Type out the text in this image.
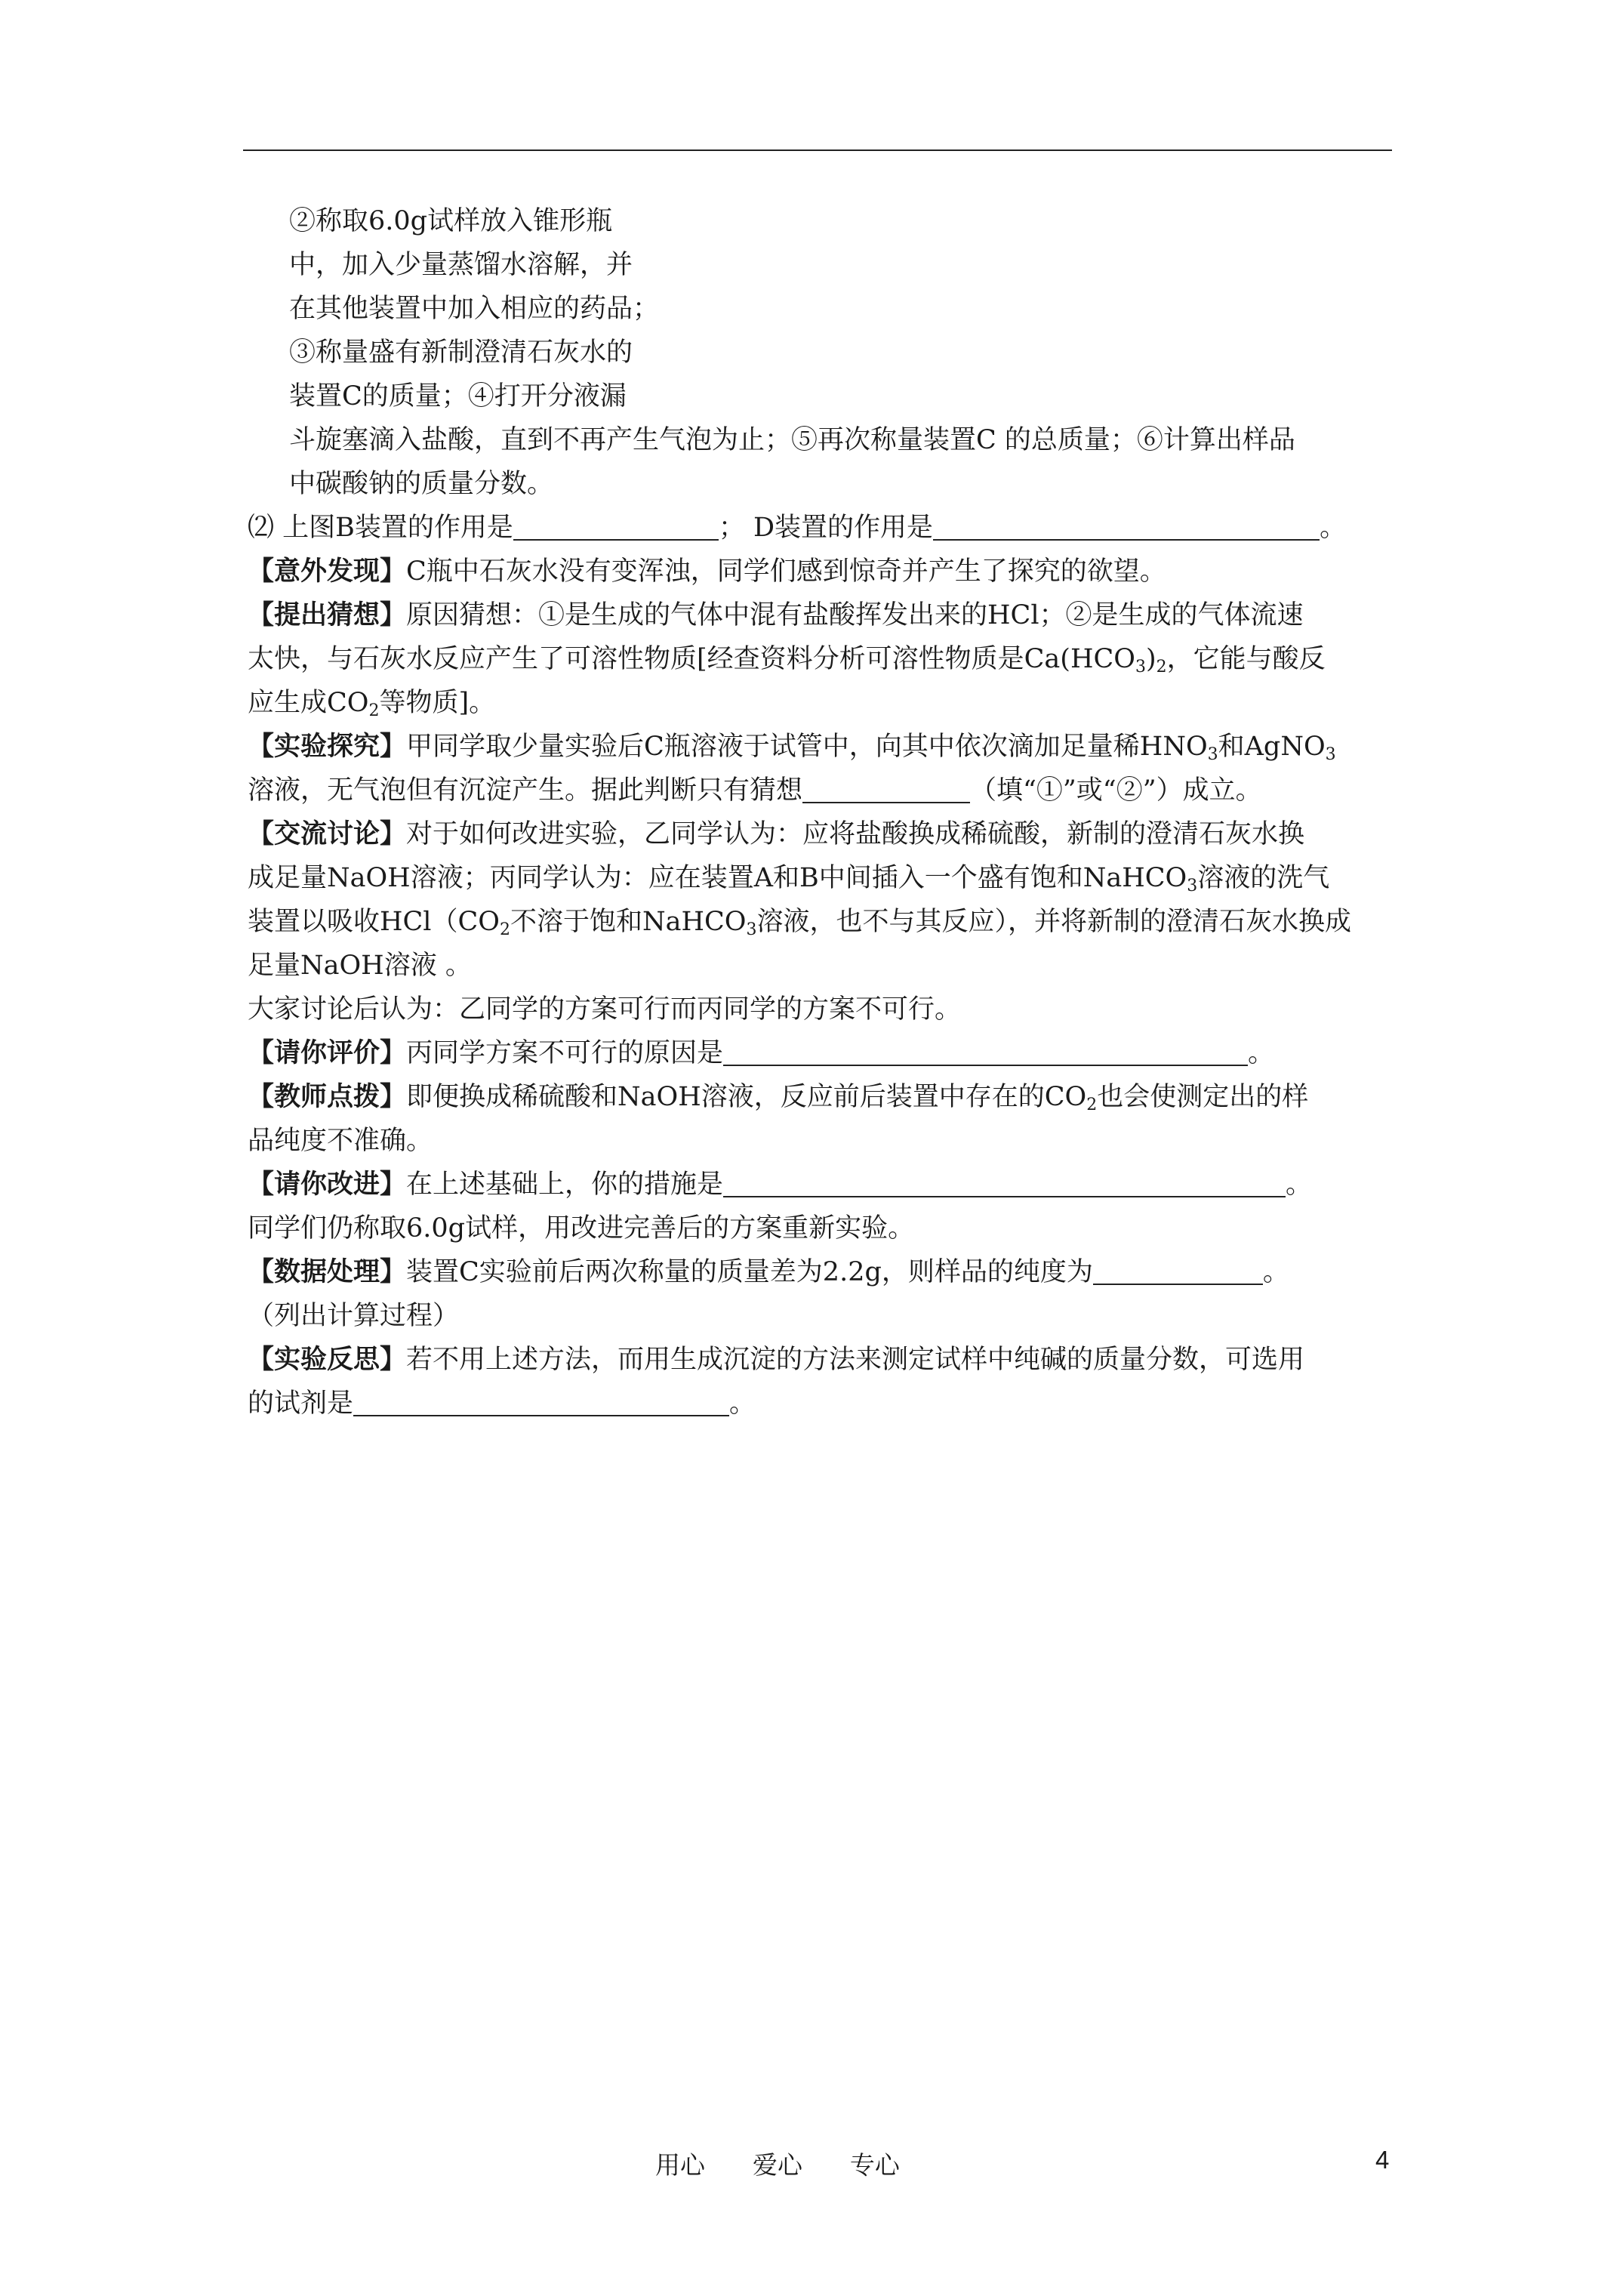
②称取6.0g试样放入锥形瓶
中，加入少量蒸馏水溶解，并
在其他装置中加入相应的药品；
③称量盛有新制澄清石灰水的
装置C的质量；④打开分液漏
斗旋塞滴入盐酸，直到不再产生气泡为止；⑤再次称量装置C 的总质量；⑥计算出样品
中碳酸钠的质量分数。
⑵ 上图B装置的作用是	； D装置的作用是	。
【意外发现】C瓶中石灰水没有变浑浊，同学们感到惊奇并产生了探究的欲望。
【提出猜想】原因猜想：①是生成的气体中混有盐酸挥发出来的HCl；②是生成的气体流速
太快，与石灰水反应产生了可溶性物质[经查资料分析可溶性物质是$Ca(HCO_3)_2$，它能与酸反
应生成$CO_2$等物质]。
【实验探究】甲同学取少量实验后C瓶溶液于试管中，向其中依次滴加足量稀$HNO_3$和AgNO$_3$
溶液，无气泡但有沉淀产生。据此判断只有猜想	（填“①”或“②”）成立。
【交流讨论】对于如何改进实验，乙同学认为：应将盐酸换成稀硫酸，新制的澄清石灰水换
成足量NaOH溶液；丙同学认为：应在装置A和B中间插入一个盛有饱和NaHCO$_3$溶液的洗气
装置以吸收$HCl(CO_2$不溶于饱和NaHCO$_3$溶液，也不与其反应），并将新制的澄清石灰水换成
足量NaOH溶液 。
大家讨论后认为：乙同学的方案可行而丙同学的方案不可行。
【请你评价】丙同学方案不可行的原因是	。
【教师点拨】即便换成稀硫酸和NaOH溶液，反应前后装置中存在的$CO_2$也会使测定出的样
品纯度不准确。
【请你改进】在上述基础上，你的措施是	。
同学们仍称取6.0g试样，用改进完善后的方案重新实验。
【数据处理】装置C实验前后两次称量的质量差为2.2g，则样品的纯度为	。
（列出计算过程）
【实验反思】若不用上述方法，而用生成沉淀的方法来测定试样中纯碱的质量分数，可选用
的试剂是	。
用心      爱心      专心	4
